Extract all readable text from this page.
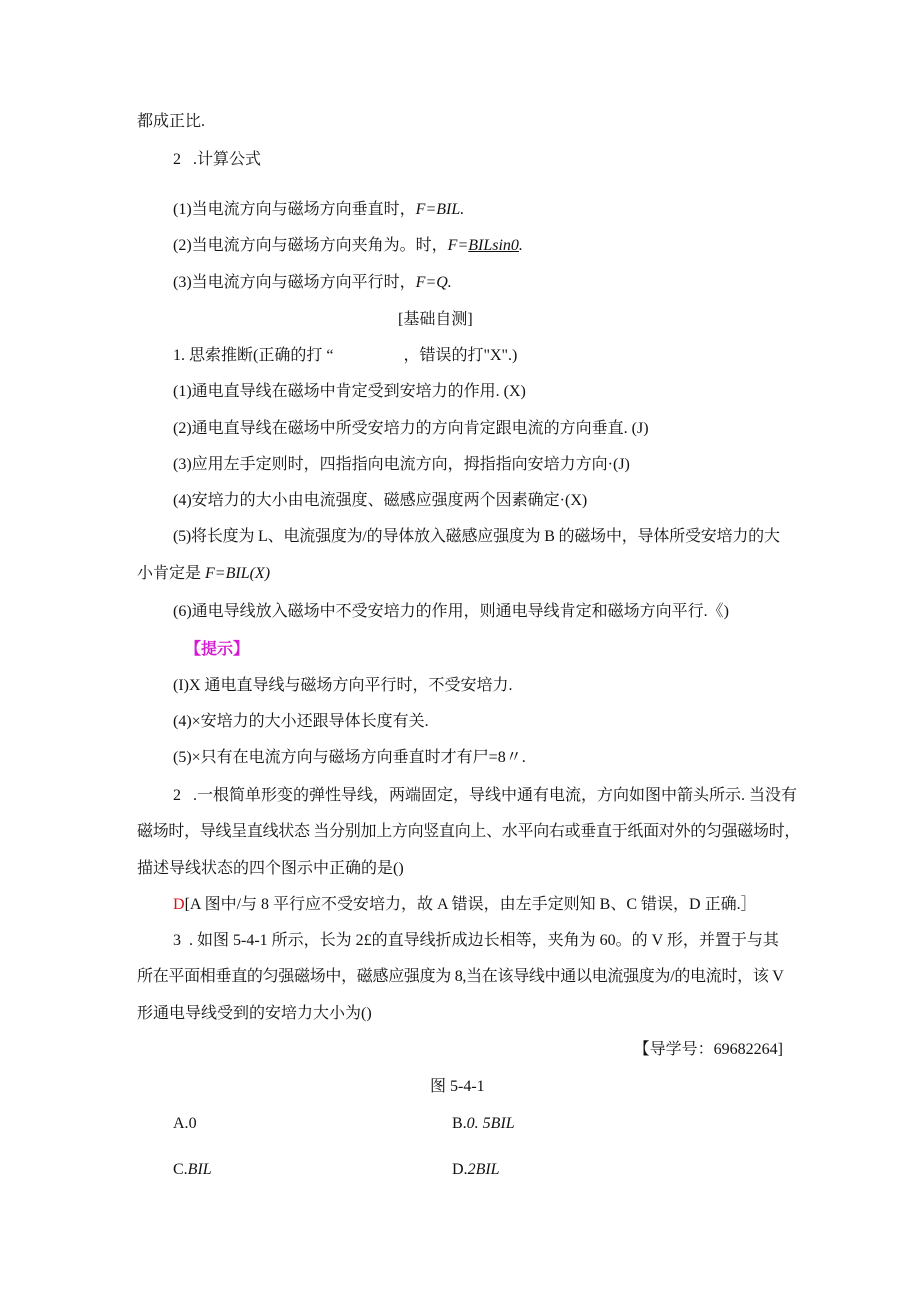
都成正比.
2 .计算公式
(1)当电流方向与磁场方向垂直时，F=BIL.
(2)当电流方向与磁场方向夹角为。时，F=BILsin0.
(3)当电流方向与磁场方向平行时，F=Q.
[基础自测]
1. 思索推断(正确的打 “	，错误的打"X".)
(1)通电直导线在磁场中肯定受到安培力的作用. (X)
(2)通电直导线在磁场中所受安培力的方向肯定跟电流的方向垂直. (J)
(3)应用左手定则时，四指指向电流方向，拇指指向安培力方向·(J)
(4)安培力的大小由电流强度、磁感应强度两个因素确定·(X)
(5)将长度为 L、电流强度为/的导体放入磁感应强度为 B 的磁场中，导体所受安培力的大
小肯定是 F=BIL(X)
(6)通电导线放入磁场中不受安培力的作用，则通电导线肯定和磁场方向平行.《)
【提示】
(I)X 通电直导线与磁场方向平行时，不受安培力.
(4)×安培力的大小还跟导体长度有关.
(5)×只有在电流方向与磁场方向垂直时才有尸=8〃.
2 .一根简单形变的弹性导线，两端固定，导线中通有电流，方向如图中箭头所示. 当没有
磁场时，导线呈直线状态 当分别加上方向竖直向上、水平向右或垂直于纸面对外的匀强磁场时，
描述导线状态的四个图示中正确的是()
D[A 图中/与 8 平行应不受安培力，故 A 错误，由左手定则知 B、C 错误，D 正确.］
3 . 如图 5-4-1 所示，长为 2£的直导线折成边长相等，夹角为 60。的 V 形，并置于与其
所在平面相垂直的匀强磁场中，磁感应强度为 8,当在该导线中通以电流强度为/的电流时，该 V
形通电导线受到的安培力大小为()
【导学号：69682264]
图 5-4-1
A.0	B.0. 5BIL
C.BIL	D.2BIL
